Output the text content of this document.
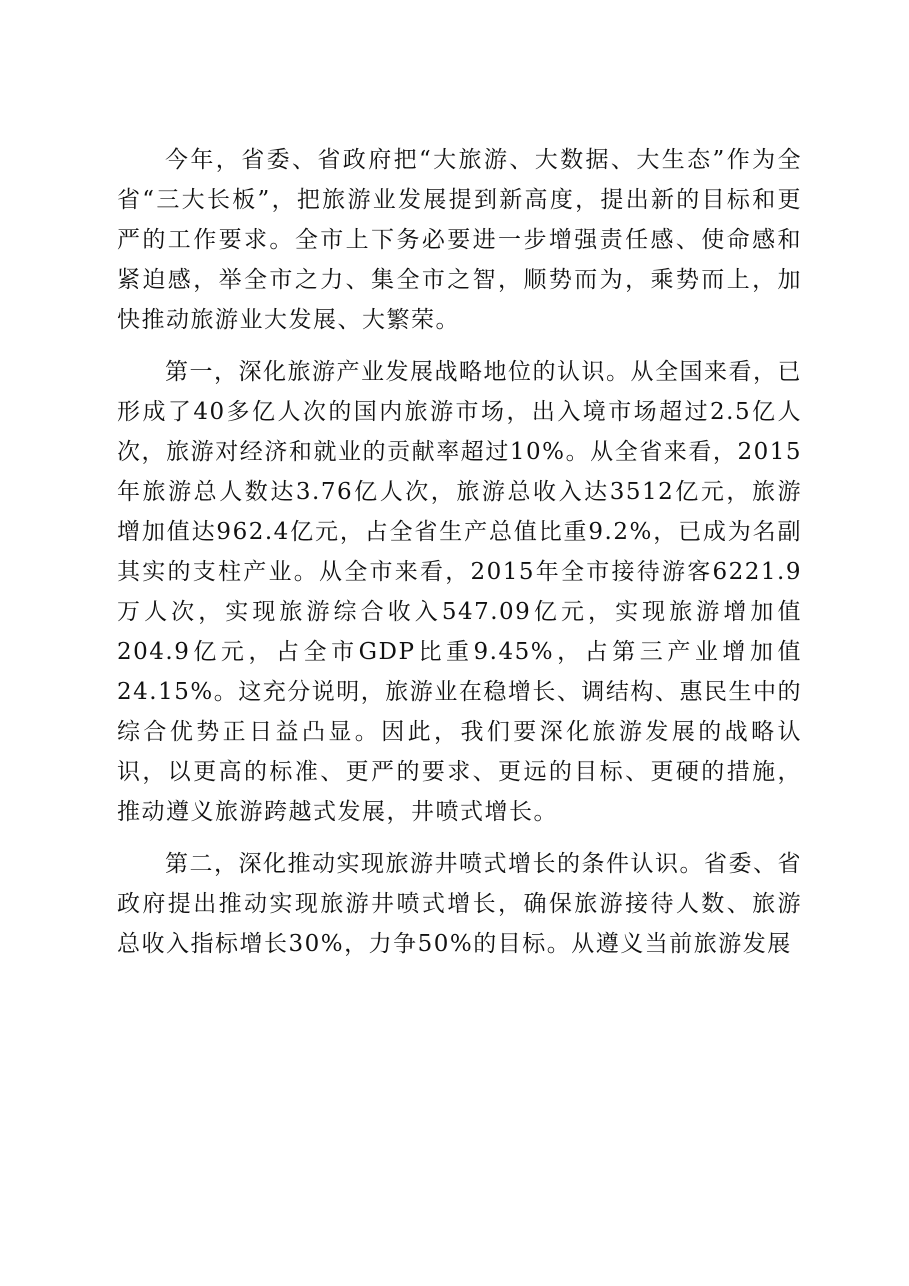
今年，省委、省政府把“大旅游、大数据、大生态”作为全省“三大长板”，把旅游业发展提到新高度，提出新的目标和更严的工作要求。全市上下务必要进一步增强责任感、使命感和紧迫感，举全市之力、集全市之智，顺势而为，乘势而上，加快推动旅游业大发展、大繁荣。

第一，深化旅游产业发展战略地位的认识。从全国来看，已形成了40多亿人次的国内旅游市场，出入境市场超过2.5亿人次，旅游对经济和就业的贡献率超过10%。从全省来看，2015年旅游总人数达3.76亿人次，旅游总收入达3512亿元，旅游增加值达962.4亿元，占全省生产总值比重9.2%，已成为名副其实的支柱产业。从全市来看，2015年全市接待游客6221.9万人次，实现旅游综合收入547.09亿元，实现旅游增加值204.9亿元，占全市GDP比重9.45%，占第三产业增加值24.15%。这充分说明，旅游业在稳增长、调结构、惠民生中的综合优势正日益凸显。因此，我们要深化旅游发展的战略认识，以更高的标准、更严的要求、更远的目标、更硬的措施，推动遵义旅游跨越式发展，井喷式增长。

第二，深化推动实现旅游井喷式增长的条件认识。省委、省政府提出推动实现旅游井喷式增长，确保旅游接待人数、旅游总收入指标增长30%，力争50%的目标。从遵义当前旅游发展
